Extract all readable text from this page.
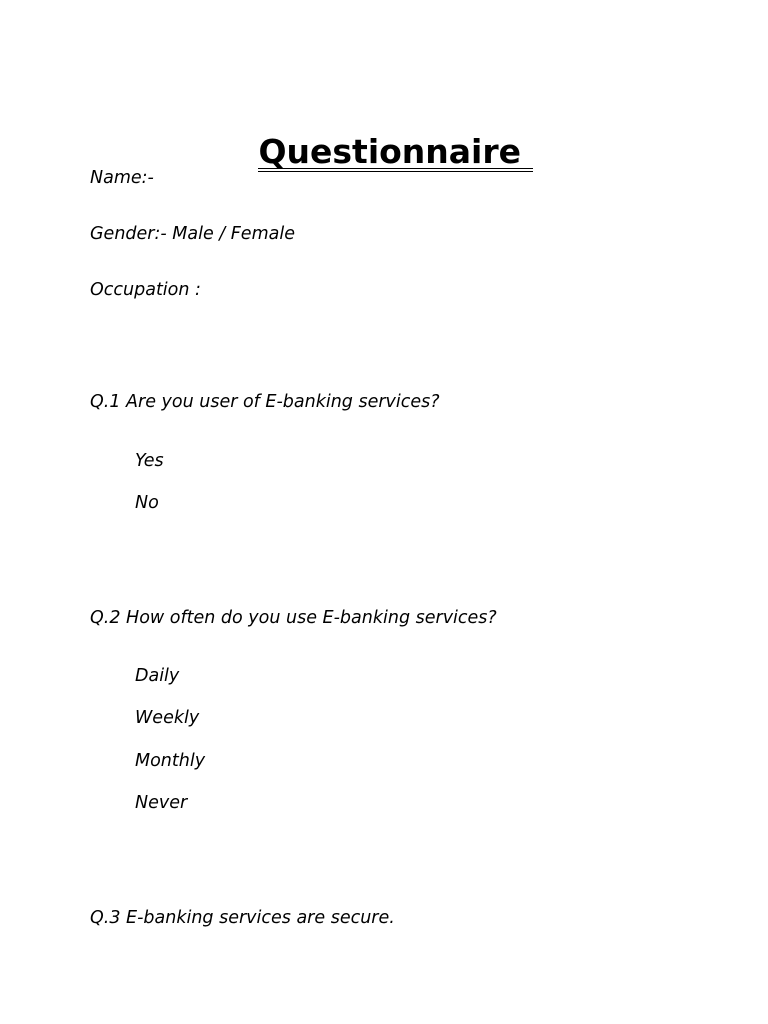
Questionnaire

Name:-
Gender:- Male / Female
Occupation :
Q.1 Are you user of E-banking services?
Yes
No
Q.2 How often do you use E-banking services?
Daily
Weekly
Monthly
Never
Q.3 E-banking services are secure.
